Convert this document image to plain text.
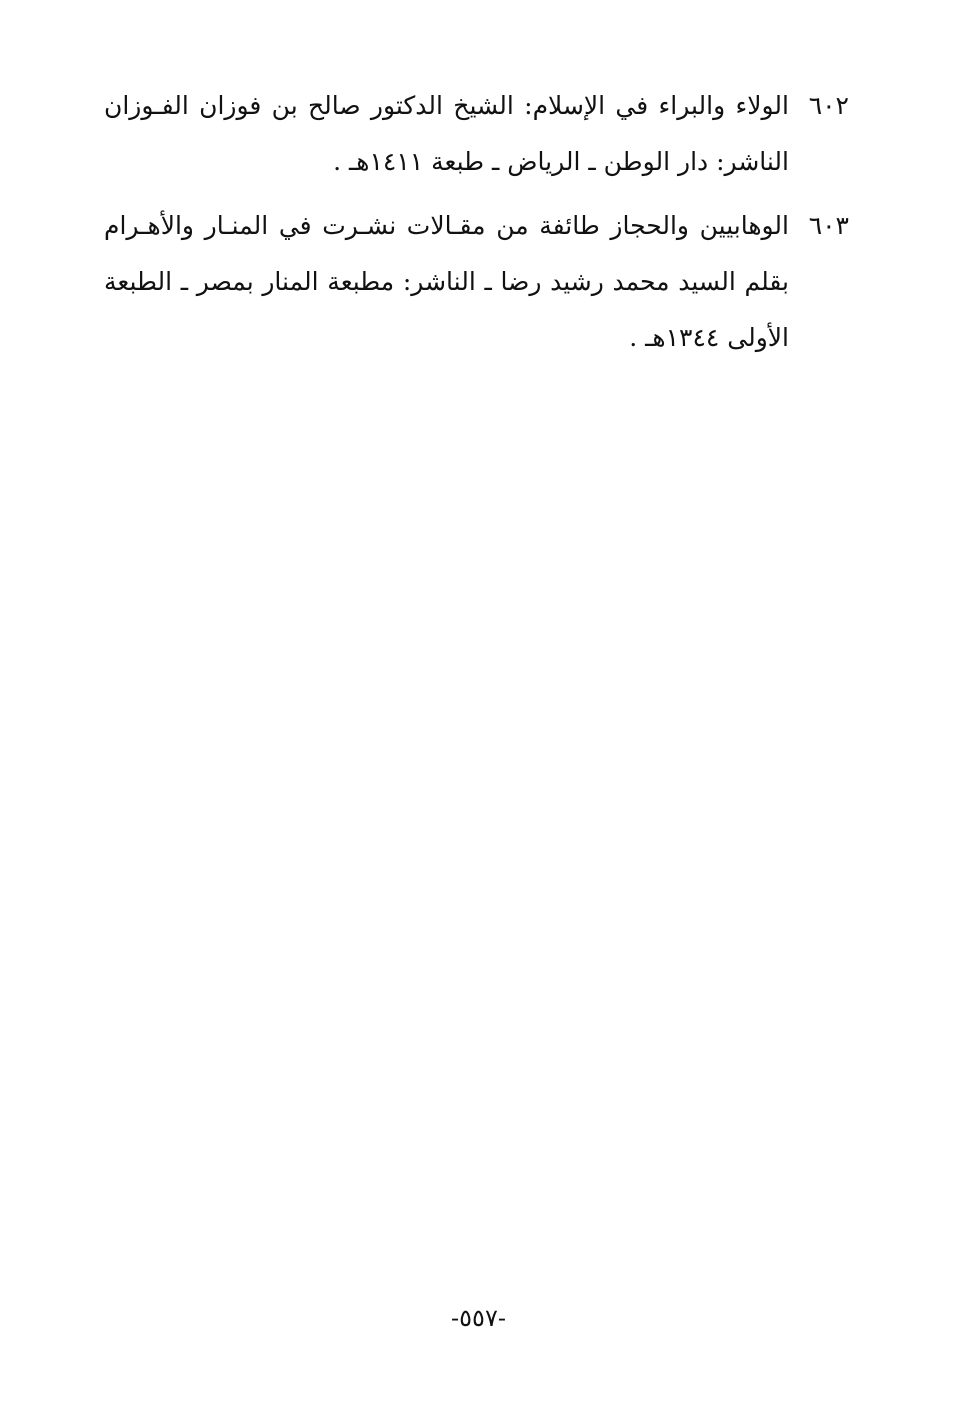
٦٠٢
الولاء والبراء في الإسلام: الشيخ الدكتور صالح بن فوزان الفـوزان
الناشر: دار الوطن ـ الرياض ـ طبعة ١٤١١هـ .
٦٠٣
الوهابيين والحجاز طائفة من مقـالات نشـرت في المنـار والأهـرام
بقلم السيد محمد رشيد رضا ـ الناشر: مطبعة المنار بمصر ـ الطبعة
الأولى ١٣٤٤هـ .
-٥٥٧-
